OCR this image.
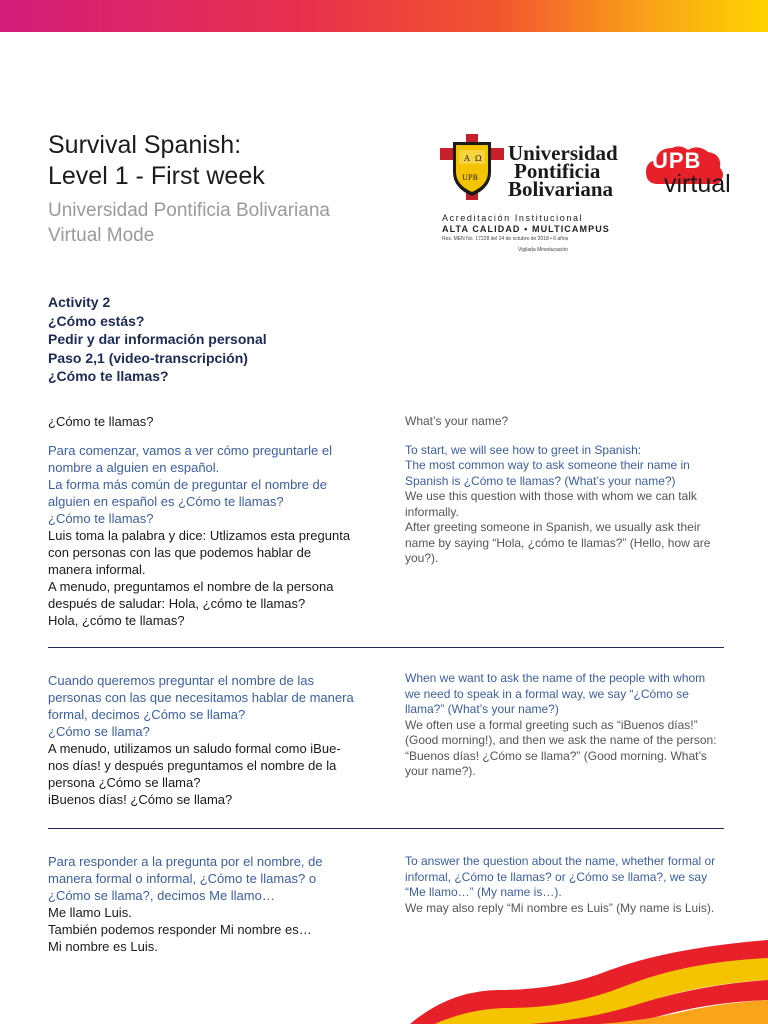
Survival Spanish:
Level 1 - First week
Universidad Pontificia Bolivariana
Virtual Mode
A Ω
UPB
Universidad
Pontificia
Bolivariana
Acreditación Institucional
ALTA CALIDAD • MULTICAMPUS
Res. MEN No. 17228 del 24 de octubre de 2018 • 6 años
Vigilada Mineducación
UPB
virtual
Activity 2
¿Cómo estás?
Pedir y dar información personal
Paso 2,1 (video-transcripción)
¿Cómo te llamas?
¿Cómo te llamas?
Para comenzar, vamos a ver cómo preguntarle el
nombre a alguien en español.
La forma más común de preguntar el nombre de
alguien en español es ¿Cómo te llamas?
¿Cómo te llamas?
Luis toma la palabra y dice: Utlizamos esta pregunta
con personas con las que podemos hablar de
manera informal.
A menudo, preguntamos el nombre de la persona
después de saludar: Hola, ¿cómo te llamas?
Hola, ¿cómo te llamas?
What’s your name?
To start, we will see how to greet in Spanish:
The most common way to ask someone their name in
Spanish is ¿Cómo te llamas? (What’s your name?)
We use this question with those with whom we can talk
informally.
After greeting someone in Spanish, we usually ask their
name by saying “Hola, ¿cómo te llamas?” (Hello, how are
you?).
Cuando queremos preguntar el nombre de las
personas con las que necesitamos hablar de manera
formal, decimos ¿Cómo se llama?
¿Cómo se llama?
A menudo, utilizamos un saludo formal como iBue-
nos días! y después preguntamos el nombre de la
persona ¿Cómo se llama?
iBuenos días! ¿Cómo se llama?
When we want to ask the name of the people with whom
we need to speak in a formal way, we say “¿Cómo se
llama?” (What’s your name?)
We often use a formal greeting such as “iBuenos días!”
(Good morning!), and then we ask the name of the person:
“Buenos días! ¿Cómo se llama?” (Good morning. What’s
your name?).
Para responder a la pregunta por el nombre, de
manera formal o informal, ¿Cómo te llamas? o
¿Cómo se llama?, decimos Me llamo…
Me llamo Luis.
También podemos responder Mi nombre es…
Mi nombre es Luis.
To answer the question about the name, whether formal or
informal, ¿Cómo te llamas? or ¿Cómo se llama?, we say
“Me llamo…” (My name is…).
We may also reply “Mi nombre es Luis” (My name is Luis).
